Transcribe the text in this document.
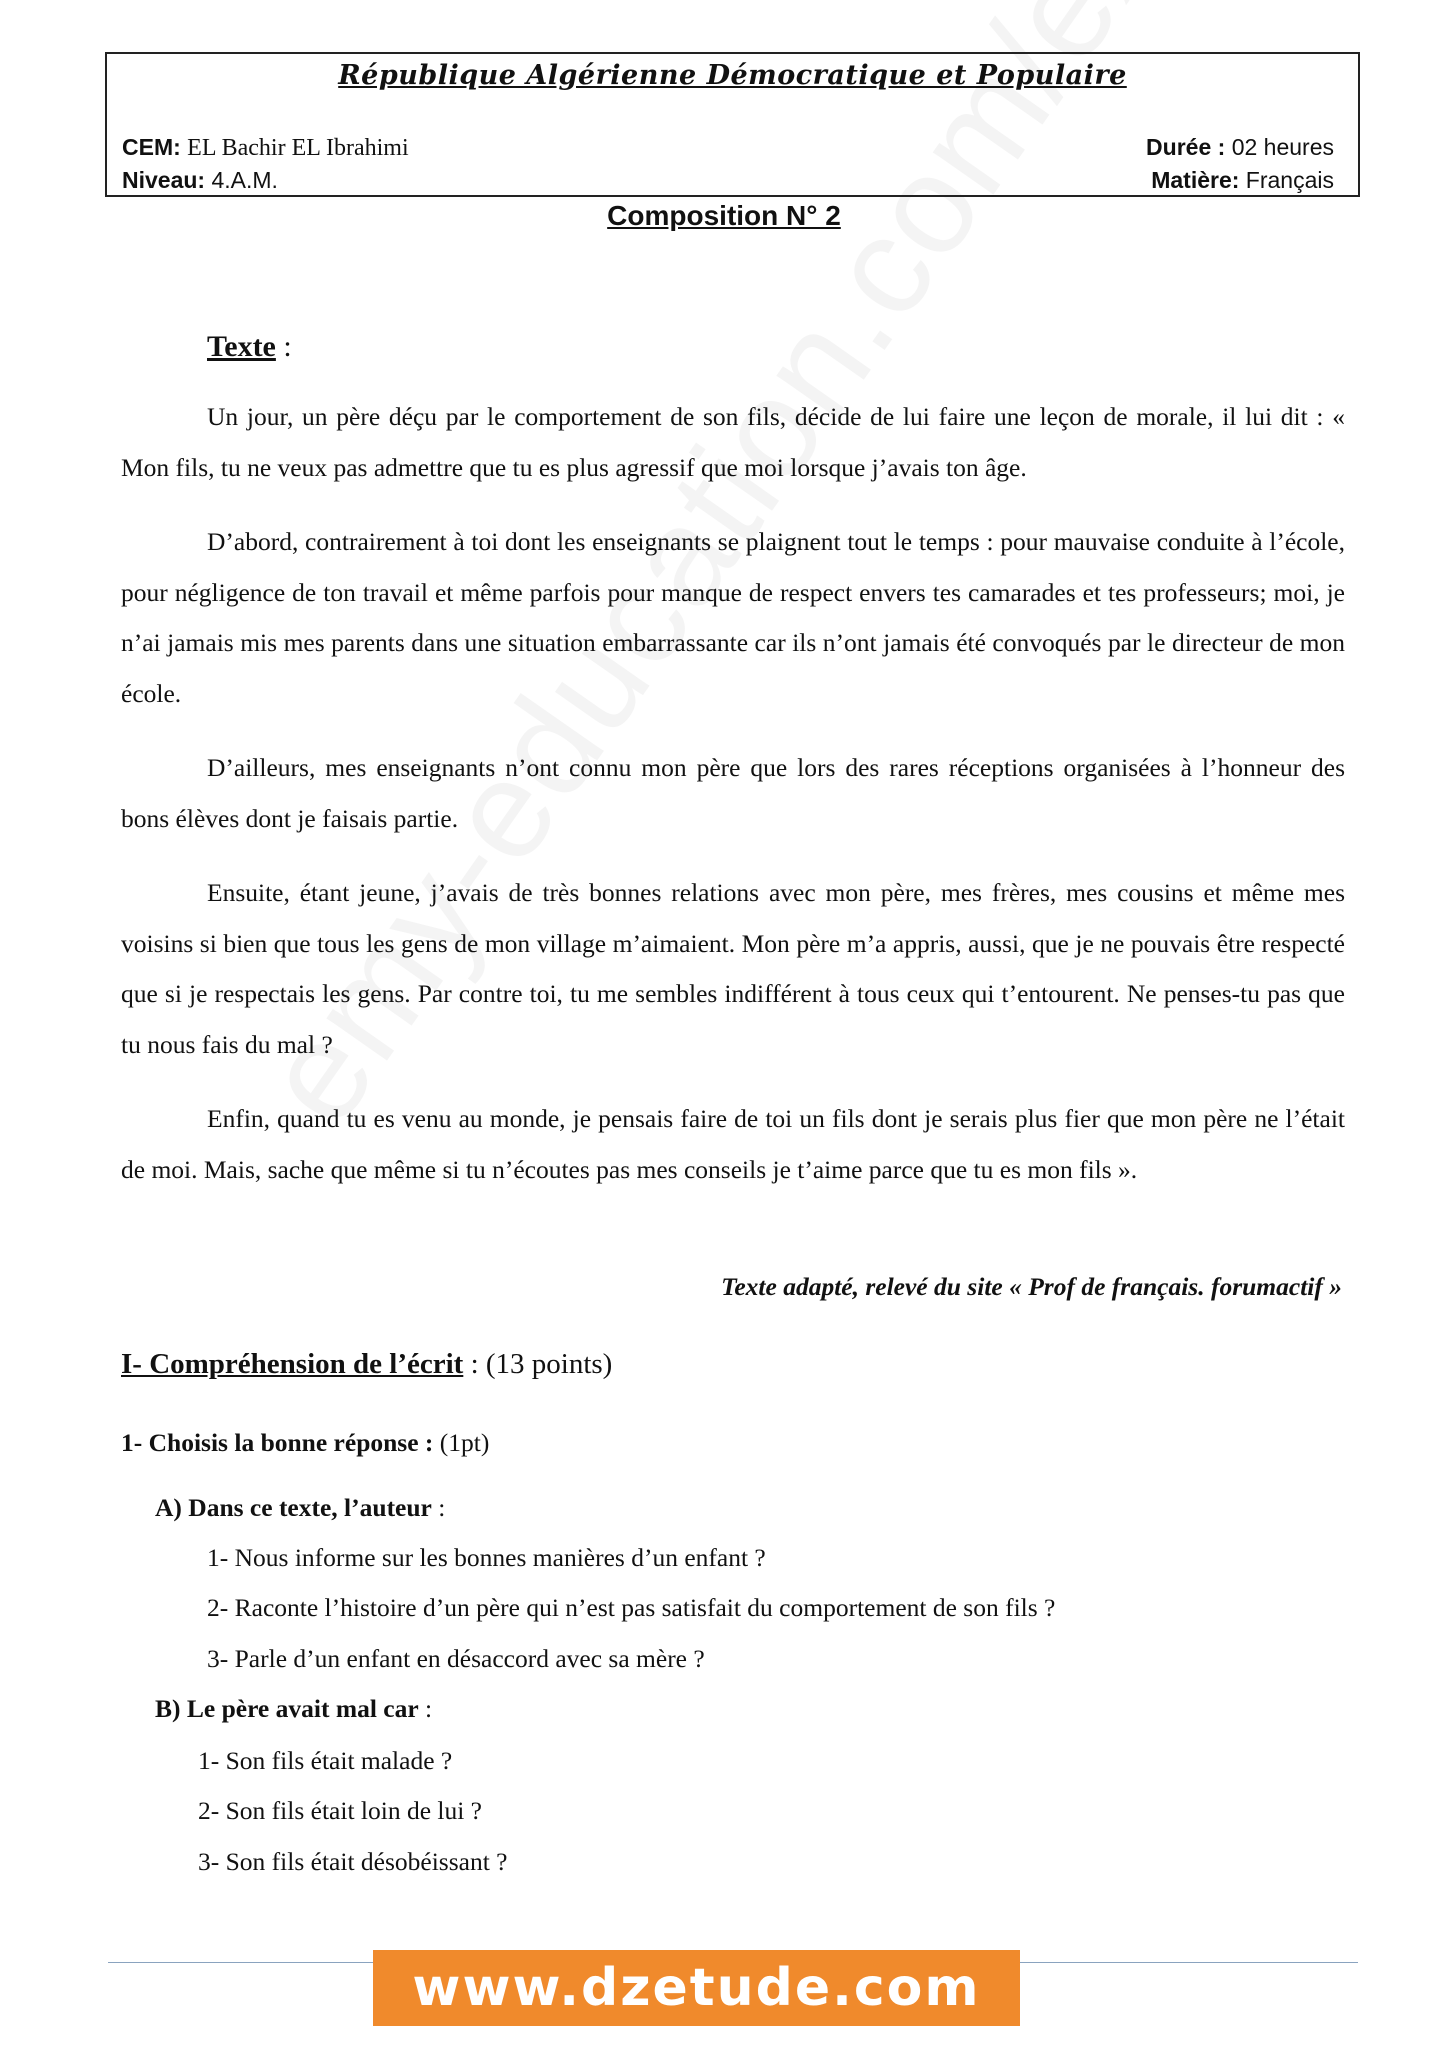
République Algérienne Démocratique et Populaire
CEM: EL Bachir EL Ibrahimi
Niveau: 4.A.M.
Durée : 02 heures
Matière: Français
Composition N° 2
Texte :

Un jour, un père déçu par le comportement de son fils, décide de lui faire une leçon de morale, il lui dit : « Mon fils, tu ne veux pas admettre que tu es plus agressif que moi lorsque j’avais ton âge.

D’abord, contrairement à toi dont les enseignants se plaignent tout le temps : pour mauvaise conduite à l’école, pour négligence de ton travail et même parfois pour manque de respect envers tes camarades et tes professeurs; moi, je n’ai jamais mis mes parents dans une situation embarrassante car ils n’ont jamais été convoqués par le directeur de mon école.

D’ailleurs, mes enseignants n’ont connu mon père que lors des rares réceptions organisées à l’honneur des bons élèves dont je faisais partie.

Ensuite, étant jeune, j’avais de très bonnes relations avec mon père, mes frères, mes cousins et même mes voisins si bien que tous les gens de mon village m’aimaient. Mon père m’a appris, aussi, que je ne pouvais être respecté que si je respectais les gens. Par contre toi, tu me sembles indifférent à tous ceux qui t’entourent. Ne penses-tu pas que tu nous fais du mal ?

Enfin, quand tu es venu au monde, je pensais faire de toi un fils dont je serais plus fier que mon père ne l’était de moi. Mais, sache que même si tu n’écoutes pas mes conseils je t’aime parce que tu es mon fils ».

Texte adapté, relevé du site « Prof de français. forumactif »
I- Compréhension de l’écrit : (13 points)
1- Choisis la bonne réponse : (1pt)
A) Dans ce texte, l’auteur :
1- Nous informe sur les bonnes manières d’un enfant ?
2- Raconte l’histoire d’un père qui n’est pas satisfait du comportement de son fils ?
3- Parle d’un enfant en désaccord avec sa mère ?
B) Le père avait mal car :
1- Son fils était malade ?
2- Son fils était loin de lui ?
3- Son fils était désobéissant ?
www.dzetude.com
